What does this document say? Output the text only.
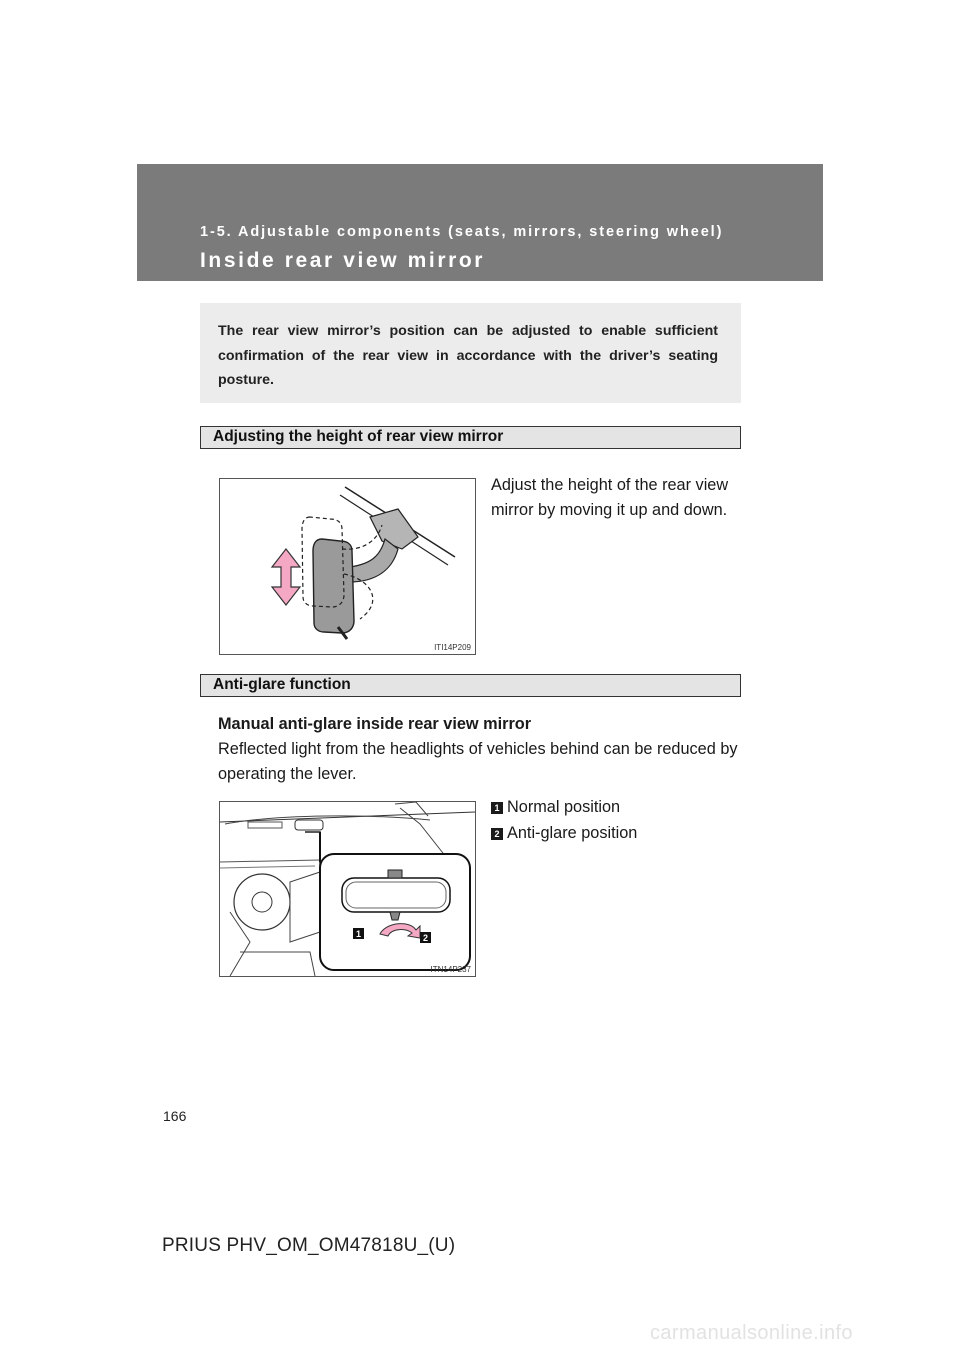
1-5. Adjustable components (seats, mirrors, steering wheel)
Inside rear view mirror
The rear view mirror’s position can be adjusted to enable sufficient confirmation of the rear view in accordance with the driver’s seating posture.
Adjusting the height of rear view mirror
ITI14P209
Adjust the height of the rear view mirror by moving it up and down.
Anti-glare function
Manual anti-glare inside rear view mirror
Reflected light from the headlights of vehicles behind can be reduced by operating the lever.
1	2
ITN14P237
1 Normal position
2 Anti-glare position
166
PRIUS PHV_OM_OM47818U_(U)
carmanualsonline.info
